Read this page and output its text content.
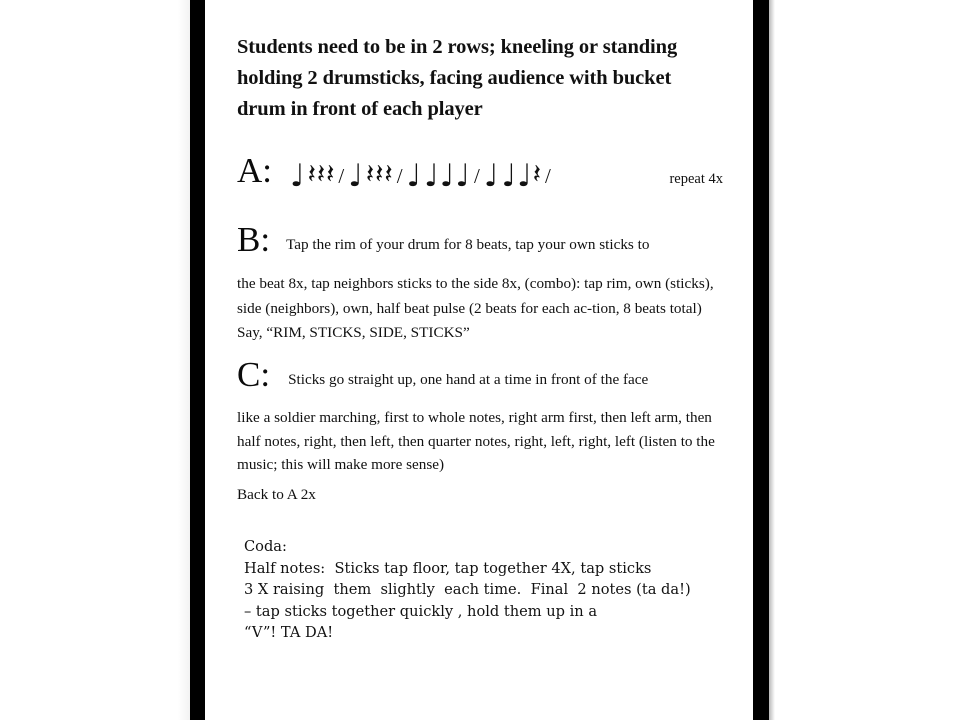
Students need to be in 2 rows; kneeling or standing holding 2 drumsticks, facing audience with bucket drum in front of each player
A: ♩ 𝄽 𝄽 𝄽 / ♩ 𝄽 𝄽 𝄽 / ♩ ♩ ♩ ♩ / ♩ ♩ ♩ 𝄽 /	repeat 4x
B: Tap the rim of your drum for 8 beats, tap your own sticks to
the beat 8x, tap neighbors sticks to the side 8x, (combo): tap rim, own (sticks), side (neighbors), own, half beat pulse (2 beats for each ac-tion, 8 beats total) Say, “RIM, STICKS, SIDE, STICKS”
C: Sticks go straight up, one hand at a time in front of the face
like a soldier marching, first to whole notes, right arm first, then left arm, then half notes, right, then left, then quarter notes, right, left, right, left (listen to the music; this will make more sense)
Back to A 2x
Coda:
Half notes:  Sticks tap floor, tap together 4X, tap sticks
3 X raising  them  slightly  each time.  Final  2 notes (ta da!)
– tap sticks together quickly , hold them up in a
“V”! TA DA!
